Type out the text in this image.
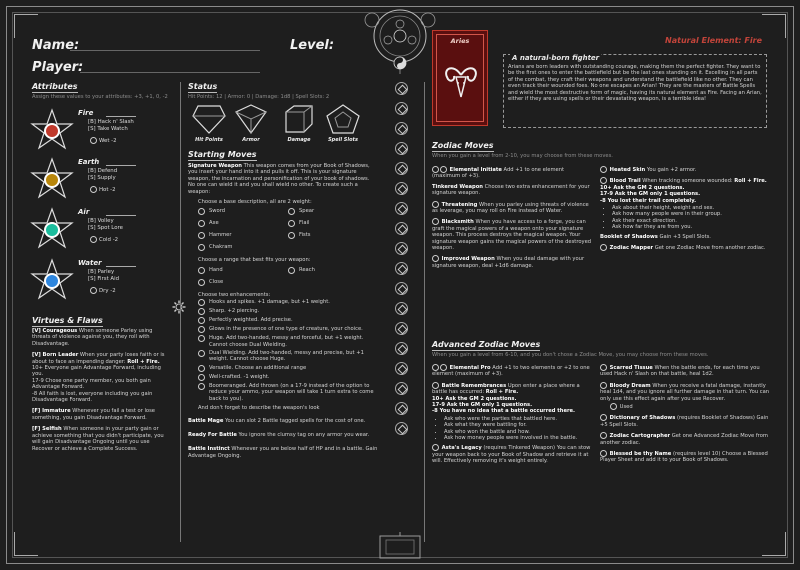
Name:	Level:
Player:
Natural Element: Fire
Attributes
Assign these values to your attributes: +3, +1, 0, -2
Fire
[B] Hack n' Slash
[S] Take Watch
Wet -2
Earth
[B] Defend
[S] Supply
Hot -2
Air
[B] Volley
[S] Spot Lore
Cold -2
Water
[B] Parley
[S] First Aid
Dry -2
Virtues & Flaws

[V] Courageous When someone Parley using threats of violence against you, they roll with Disadvantage.

[V] Born Leader When your party loses faith or is about to face an impending danger: Roll + Fire.
10+ Everyone gain Advantage Forward, including you.
17-9 Chose one party member, you both gain Advantage Forward.
-8 All faith is lost, everyone including you gain Disadvantage Forward.

[F] Immature Whenever you fail a test or lose something, you gain Disadvantage Forward.

[F] Selfish When someone in your party gain or achieve something that you didn't participate, you will gain Disadvantage Ongoing until you use Recover or achieve a Complete Success.

Status
Hit Points: 12 | Armor: 0 | Damage: 1d8 | Spell Slots: 2
Hit Points	Armor	Damage	Spell Slots
Starting Moves

Signature Weapon This weapon comes from your Book of Shadows, you insert your hand into it and pulls it off. This is your signature weapon, the incarnation and personification of your book of shadows. No one can wield it and you shall wield no other. To create such a weapon:

Choose a base description, all are 2 weight:
Sword	Spear
Axe	Flail
Hammer	Fists
Chakram
Choose a range that best fits your weapon:
Hand	Reach
Close
Choose two enhancements:
Hooks and spikes. +1 damage, but +1 weight.
Sharp. +2 piercing.
Perfectly weighted. Add precise.
Glows in the presence of one type of creature, your choice.
Huge. Add two-handed, messy and forceful, but +1 weight. Cannot choose Dual Wielding.
Dual Wielding. Add two-handed, messy and precise, but +1 weight. Cannot choose Huge.
Versatile. Choose an additional range
Well-crafted. -1 weight.
Boomeranged. Add thrown (on a 17-9 instead of the option to reduce your ammo, your weapon will take 1 turn extra to come back to you).
And don't forget to describe the weapon's look

Battle Mage You can slot 2 Battle tagged spells for the cost of one.

Ready For Battle You ignore the clumsy tag on any armor you wear.

Battle Instinct Whenever you are below half of HP and in a battle. Gain Advantage Ongoing.

Aries
Arians are born leaders with outstanding courage, making them the perfect fighter. They want to be the first ones to enter the battlefield but be the last ones standing on it. Excelling in all parts of the combat, they craft their weapons and understand the battlefield like no other. They can even track their wounded foes. No one escapes an Arian! They are the masters of Battle Spells and wield the most destructive form of magic, having its natural element as Fire. Facing an Arian, either if they are using spells or their devastating weapon, is a terrible idea!
A natural-born fighter
Zodiac Moves
When you gain a level from 2-10, you may choose from these moves.

Elemental Initiate Add +1 to one element (maximum of +3).

Tinkered Weapon Choose two extra enhancement for your signature weapon.

Threatening When you parley using threats of violence as leverage, you may roll on Fire instead of Water.

Blacksmith When you have access to a forge, you can graft the magical powers of a weapon onto your signature weapon. This process destroys the magical weapon. Your signature weapon gains the magical powers of the destroyed weapon.

Improved Weapon When you deal damage with your signature weapon, deal +1d6 damage.

Heated Skin You gain +2 armor.

Blood Trail When tracking someone wounded: Roll + Fire.
10+ Ask the GM 2 questions.
17-9 Ask the GM only 1 questions.
-8 You lost their trail completely.

• Ask about their height, weight and sex.
• Ask how many people were in their group.
• Ask their exact direction.
• Ask how far they are from you.

Booklet of Shadows Gain +3 Spell Slots.

Zodiac Mapper Get one Zodiac Move from another zodiac.

Advanced Zodiac Moves
When you gain a level from 6-10, and you don't chose a Zodiac Move, you may choose from these moves.

Elemental Pro Add +1 to two elements or +2 to one element (maximum of +3).

Battle Remembrances Upon enter a place where a battle has occurred: Roll + Fire.
10+ Ask the GM 2 questions.
17-9 Ask the GM only 1 questions.
-8 You have no idea that a battle occurred there.

• Ask who were the parties that battled here.
• Ask what they were battling for.
• Ask who won the battle and how.
• Ask how money people were involved in the battle.

Asta's Legacy (requires Tinkered Weapon) You can stow your weapon back to your Book of Shadow and retrieve it at will. Effectively removing it's weight entirely.

Scarred Tissue When the battle ends, for each time you used Hack n' Slash on that battle, heal 1d2.

Bloody Dream When you receive a fatal damage, instantly heal 1d4, and you ignore all further damage in that turn. You can only use this effect again after you use Recover.

Used

Dictionary of Shadows (requires Booklet of Shadows) Gain +5 Spell Slots.

Zodiac Cartographer Get one Advanced Zodiac Move from another zodiac.

Blessed be thy Name (requires level 10) Choose a Blessed Player Sheet and add it to your Book of Shadows.
